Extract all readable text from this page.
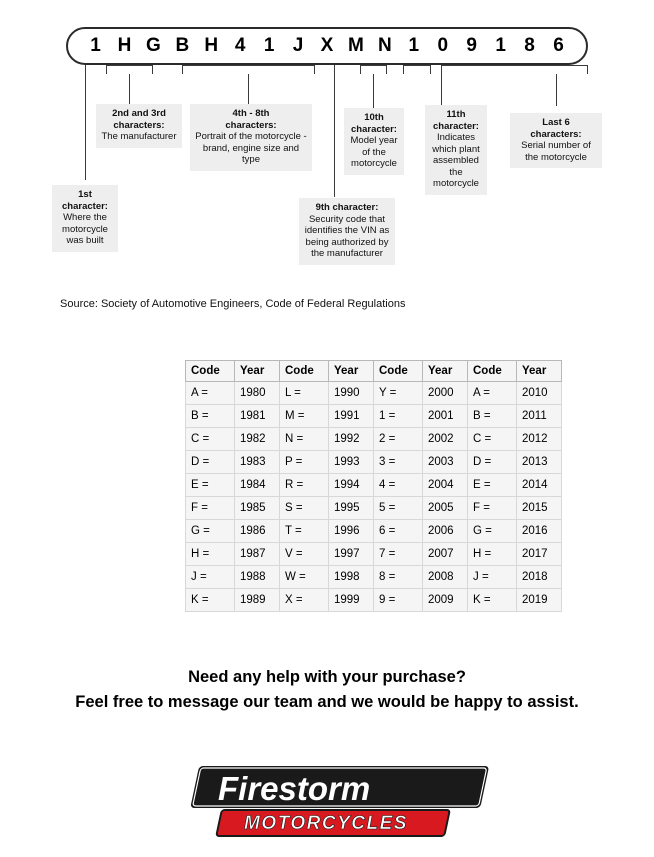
1 H G B H 4 1 J X M N 1 0 9 1 8 6
1st
character:
Where the motorcycle was built
2nd and 3rd
characters:
The manufacturer
4th - 8th
characters:
Portrait of the motorcycle - brand, engine size and type
9th character:
Security code that identifies the VIN as being authorized by the manufacturer
10th
character:
Model year of the motorcycle
11th
character:
Indicates which plant assembled the motorcycle
Last 6
characters:
Serial number of the motorcycle
Source: Society of Automotive Engineers, Code of Federal Regulations
Code	Year	Code	Year	Code	Year	Code	Year
A =	1980	L =	1990	Y =	2000	A =	2010
B =	1981	M =	1991	1 =	2001	B =	2011
C =	1982	N =	1992	2 =	2002	C =	2012
D =	1983	P =	1993	3 =	2003	D =	2013
E =	1984	R =	1994	4 =	2004	E =	2014
F =	1985	S =	1995	5 =	2005	F =	2015
G =	1986	T =	1996	6 =	2006	G =	2016
H =	1987	V =	1997	7 =	2007	H =	2017
J =	1988	W =	1998	8 =	2008	J =	2018
K =	1989	X =	1999	9 =	2009	K =	2019
Need any help with your purchase?
Feel free to message our team and we would be happy to assist.
Firestorm
MOTORCYCLES
